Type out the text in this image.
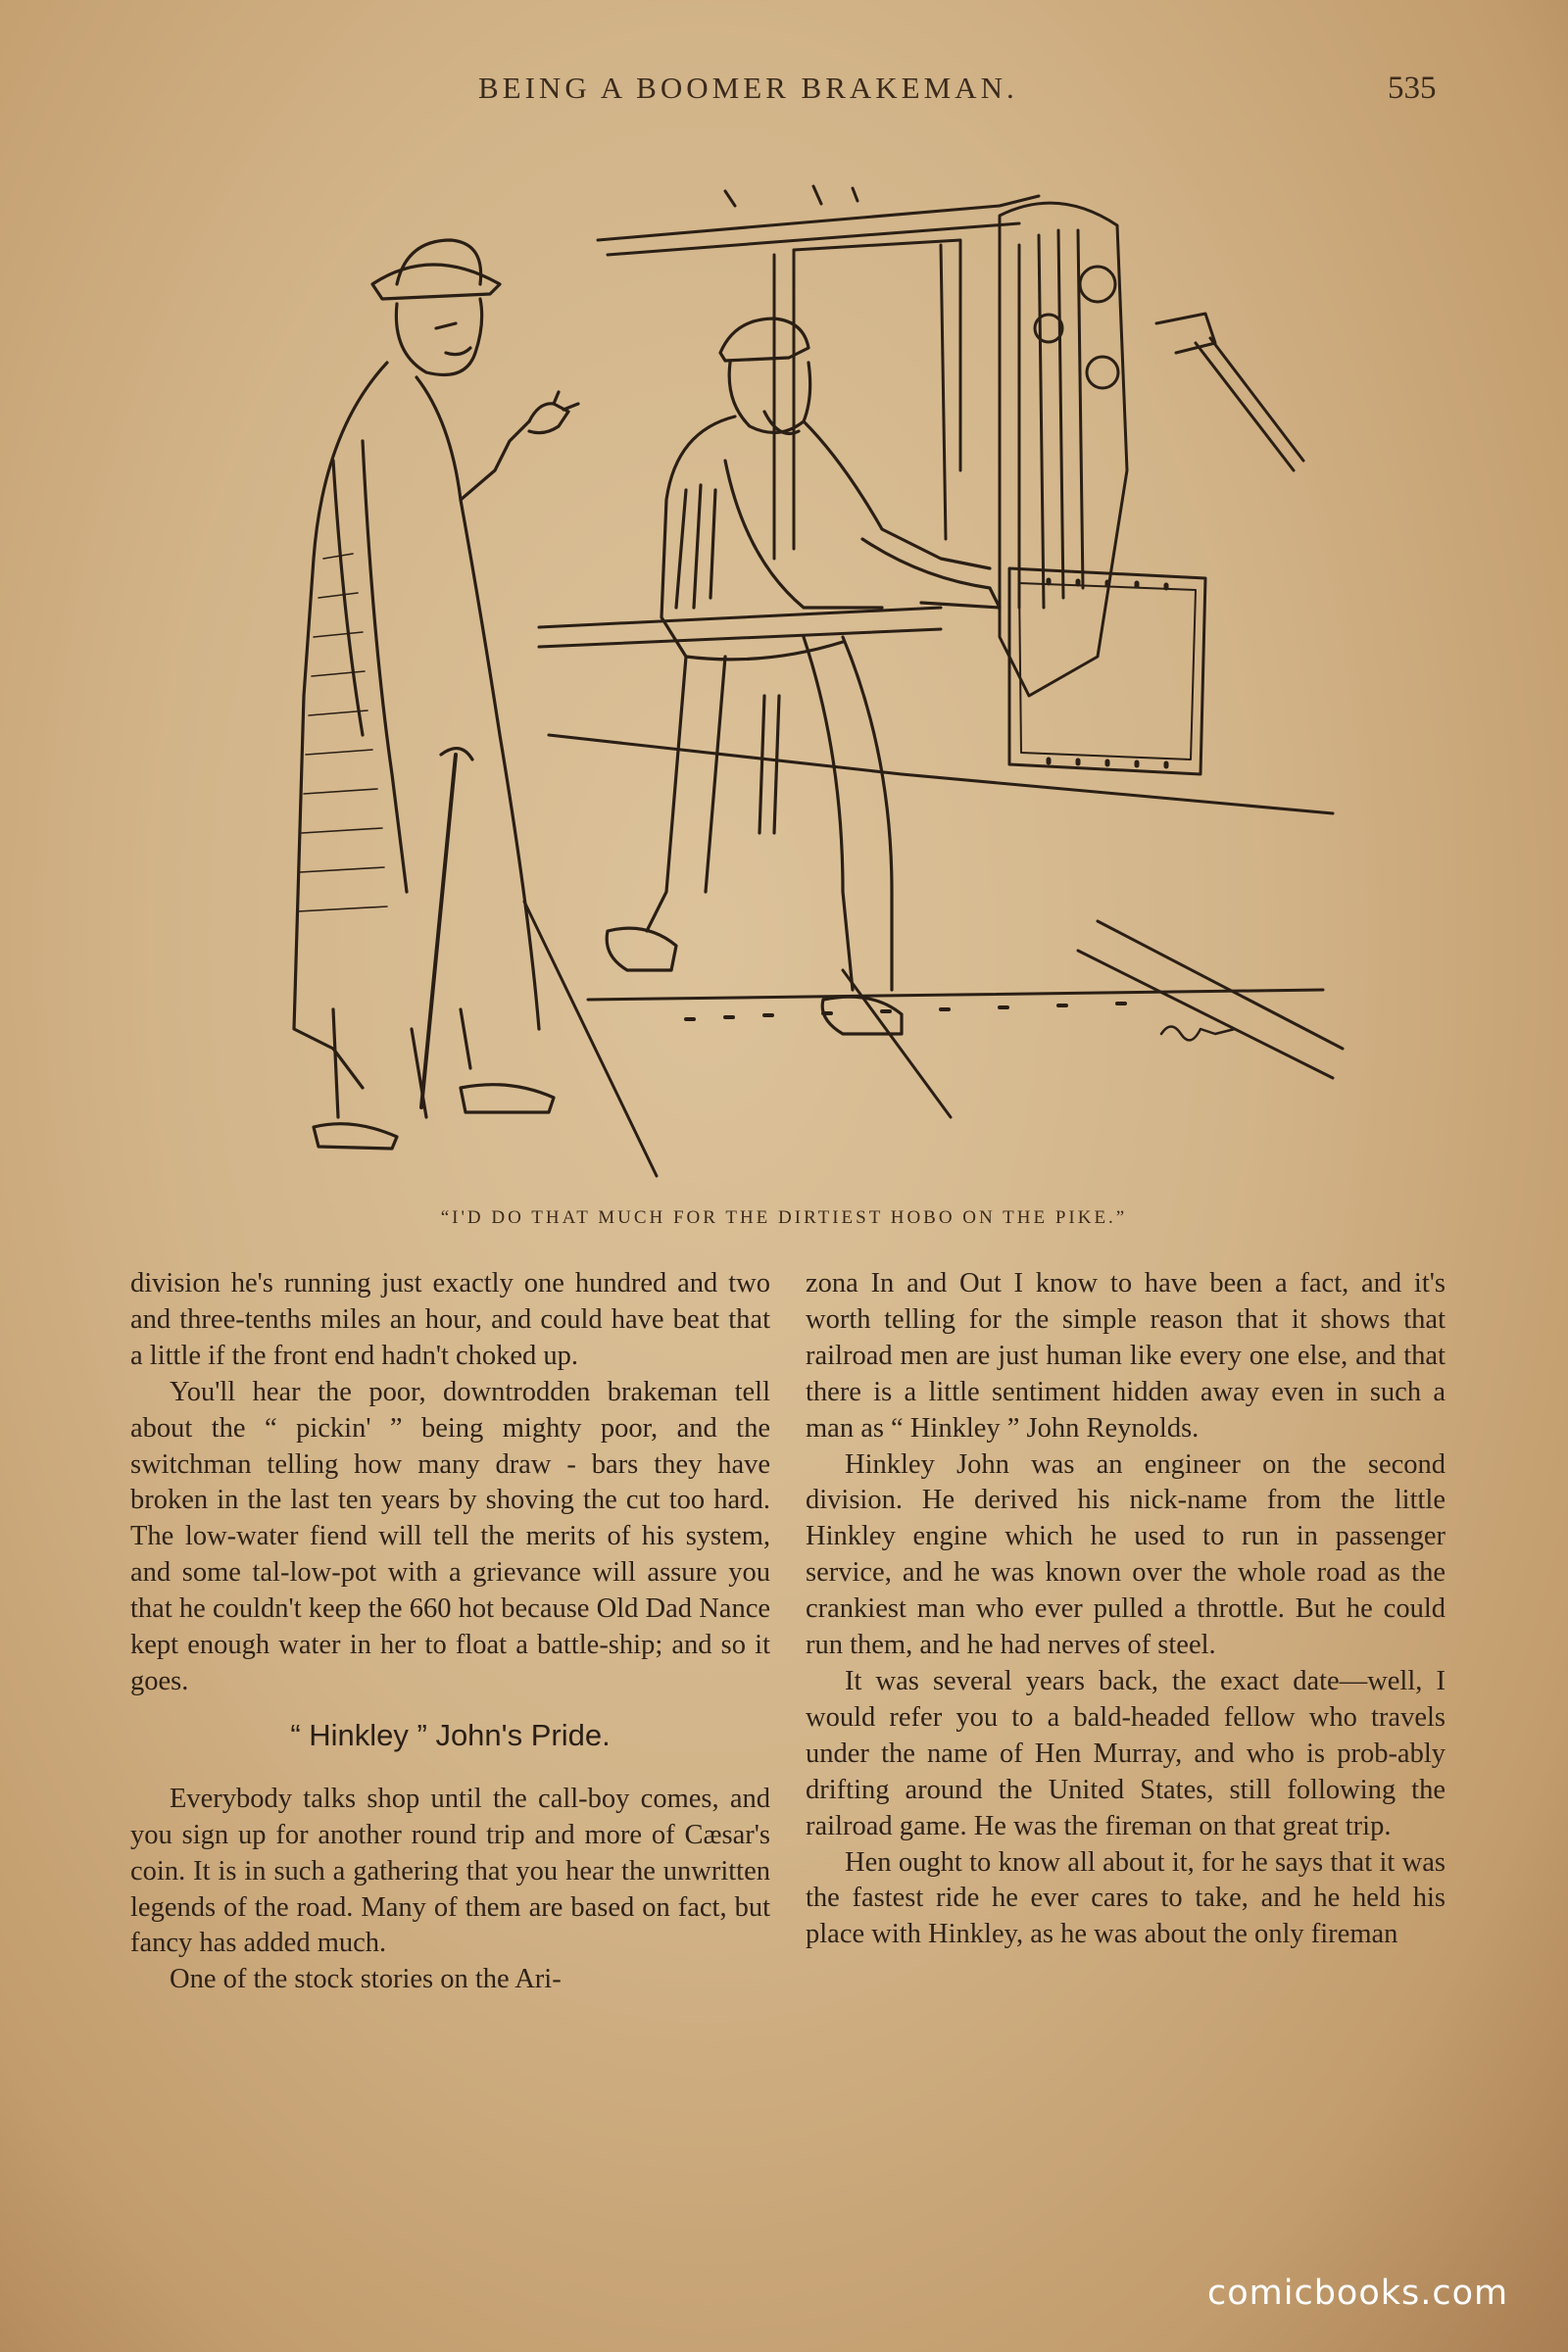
BEING A BOOMER BRAKEMAN.	535
“I'D DO THAT MUCH FOR THE DIRTIEST HOBO ON THE PIKE.”

division he's running just exactly one hundred and two and three-tenths miles an hour, and could have beat that a little if the front end hadn't choked up.

You'll hear the poor, downtrodden brakeman tell about the “ pickin' ” being mighty poor, and the switchman telling how many draw - bars they have broken in the last ten years by shoving the cut too hard. The low-water fiend will tell the merits of his system, and some tal-low-pot with a grievance will assure you that he couldn't keep the 660 hot because Old Dad Nance kept enough water in her to float a battle-ship; and so it goes.

“ Hinkley ” John's Pride.

Everybody talks shop until the call-boy comes, and you sign up for another round trip and more of Cæsar's coin. It is in such a gathering that you hear the unwritten legends of the road. Many of them are based on fact, but fancy has added much.

One of the stock stories on the Ari-

zona In and Out I know to have been a fact, and it's worth telling for the simple reason that it shows that railroad men are just human like every one else, and that there is a little sentiment hidden away even in such a man as “ Hinkley ” John Reynolds.

Hinkley John was an engineer on the second division. He derived his nick-name from the little Hinkley engine which he used to run in passenger service, and he was known over the whole road as the crankiest man who ever pulled a throttle. But he could run them, and he had nerves of steel.

It was several years back, the exact date—well, I would refer you to a bald-headed fellow who travels under the name of Hen Murray, and who is prob-ably drifting around the United States, still following the railroad game. He was the fireman on that great trip.

Hen ought to know all about it, for he says that it was the fastest ride he ever cares to take, and he held his place with Hinkley, as he was about the only fireman

comicbooks.com
